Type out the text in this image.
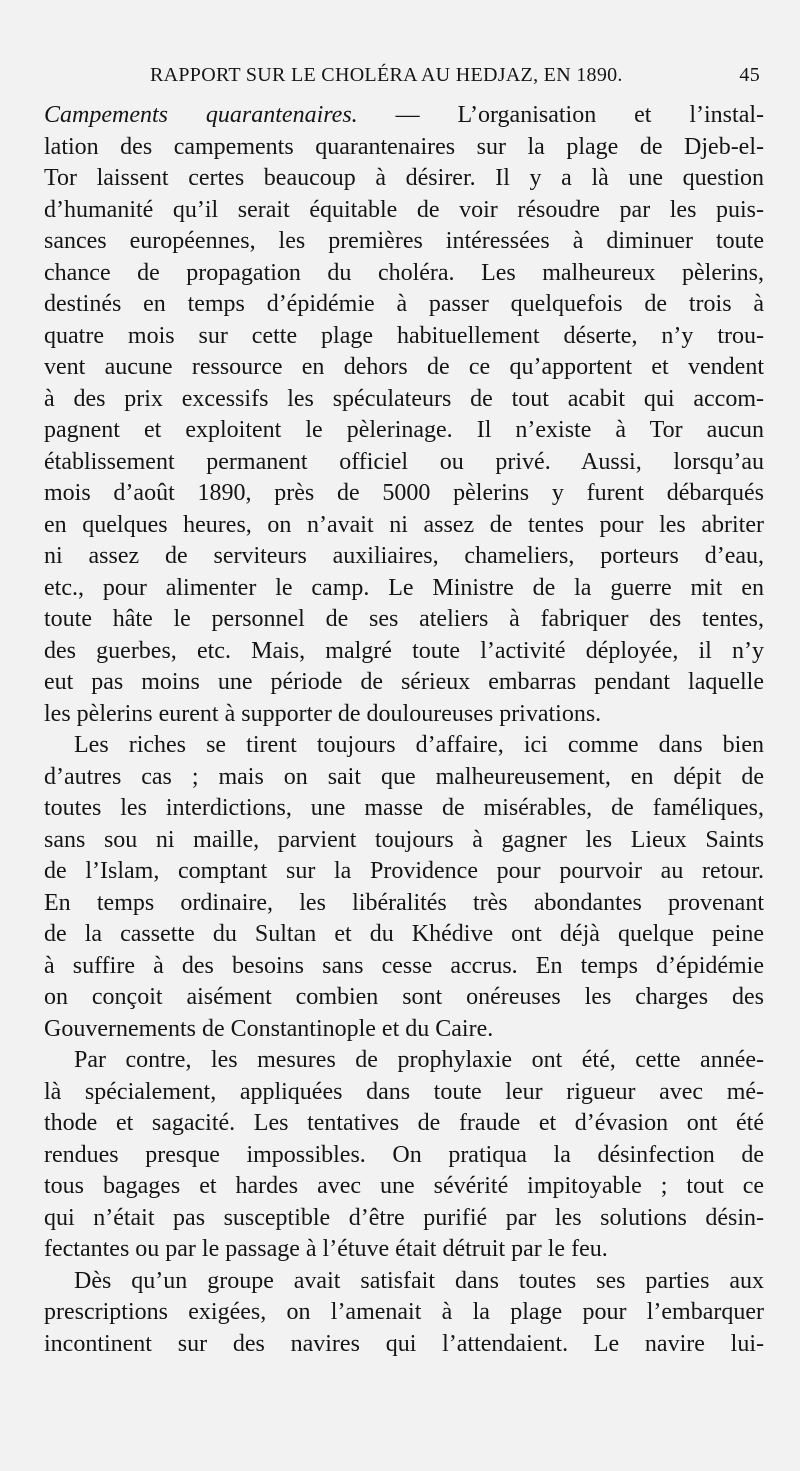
RAPPORT SUR LE CHOLÉRA AU HEDJAZ, EN 1890.	45
Campements quarantenaires. — L’organisation et l’instal-
lation des campements quarantenaires sur la plage de Djeb-el-
Tor laissent certes beaucoup à désirer. Il y a là une question
d’humanité qu’il serait équitable de voir résoudre par les puis-
sances européennes, les premières intéressées à diminuer toute
chance de propagation du choléra. Les malheureux pèlerins,
destinés en temps d’épidémie à passer quelquefois de trois à
quatre mois sur cette plage habituellement déserte, n’y trou-
vent aucune ressource en dehors de ce qu’apportent et vendent
à des prix excessifs les spéculateurs de tout acabit qui accom-
pagnent et exploitent le pèlerinage. Il n’existe à Tor aucun
établissement permanent officiel ou privé. Aussi, lorsqu’au
mois d’août 1890, près de 5000 pèlerins y furent débarqués
en quelques heures, on n’avait ni assez de tentes pour les abriter
ni assez de serviteurs auxiliaires, chameliers, porteurs d’eau,
etc., pour alimenter le camp. Le Ministre de la guerre mit en
toute hâte le personnel de ses ateliers à fabriquer des tentes,
des guerbes, etc. Mais, malgré toute l’activité déployée, il n’y
eut pas moins une période de sérieux embarras pendant laquelle
les pèlerins eurent à supporter de douloureuses privations.
Les riches se tirent toujours d’affaire, ici comme dans bien
d’autres cas ; mais on sait que malheureusement, en dépit de
toutes les interdictions, une masse de misérables, de faméliques,
sans sou ni maille, parvient toujours à gagner les Lieux Saints
de l’Islam, comptant sur la Providence pour pourvoir au retour.
En temps ordinaire, les libéralités très abondantes provenant
de la cassette du Sultan et du Khédive ont déjà quelque peine
à suffire à des besoins sans cesse accrus. En temps d’épidémie
on conçoit aisément combien sont onéreuses les charges des
Gouvernements de Constantinople et du Caire.
Par contre, les mesures de prophylaxie ont été, cette année-
là spécialement, appliquées dans toute leur rigueur avec mé-
thode et sagacité. Les tentatives de fraude et d’évasion ont été
rendues presque impossibles. On pratiqua la désinfection de
tous bagages et hardes avec une sévérité impitoyable ; tout ce
qui n’était pas susceptible d’être purifié par les solutions désin-
fectantes ou par le passage à l’étuve était détruit par le feu.
Dès qu’un groupe avait satisfait dans toutes ses parties aux
prescriptions exigées, on l’amenait à la plage pour l’embarquer
incontinent sur des navires qui l’attendaient. Le navire lui-
